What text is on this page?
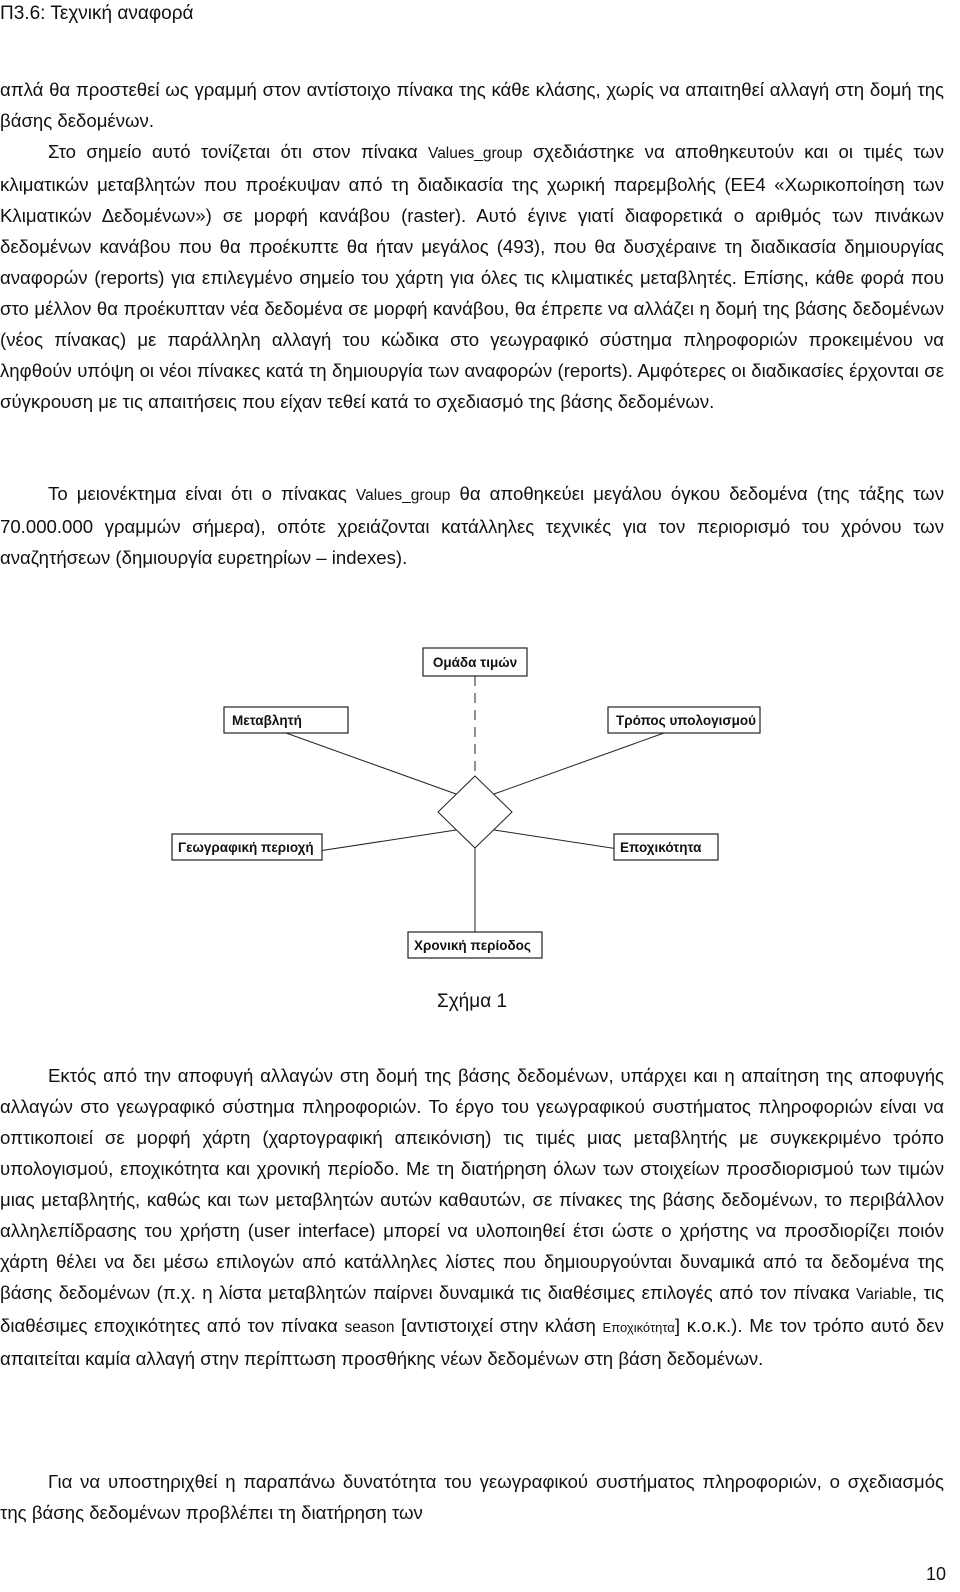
Π3.6: Τεχνική αναφορά

απλά θα προστεθεί ως γραμμή στον αντίστοιχο πίνακα της κάθε κλάσης, χωρίς να απαιτηθεί αλλαγή στη δομή της βάσης δεδομένων.

Στο σημείο αυτό τονίζεται ότι στον πίνακα Values_group σχεδιάστηκε να αποθηκευτούν και οι τιμές των κλιματικών μεταβλητών που προέκυψαν από τη διαδικασία της χωρική παρεμβολής (ΕΕ4 «Χωρικοποίηση των Κλιματικών Δεδομένων») σε μορφή κανάβου (raster). Αυτό έγινε γιατί διαφορετικά ο αριθμός των πινάκων δεδομένων κανάβου που θα προέκυπτε θα ήταν μεγάλος (493), που θα δυσχέραινε τη διαδικασία δημιουργίας αναφορών (reports) για επιλεγμένο σημείο του χάρτη για όλες τις κλιματικές μεταβλητές. Επίσης, κάθε φορά που στο μέλλον θα προέκυπταν νέα δεδομένα σε μορφή κανάβου, θα έπρεπε να αλλάζει η δομή της βάσης δεδομένων (νέος πίνακας) με παράλληλη αλλαγή του κώδικα στο γεωγραφικό σύστημα πληροφοριών προκειμένου να ληφθούν υπόψη οι νέοι πίνακες κατά τη δημιουργία των αναφορών (reports). Αμφότερες οι διαδικασίες έρχονται σε σύγκρουση με τις απαιτήσεις που είχαν τεθεί κατά το σχεδιασμό της βάσης δεδομένων.

Το μειονέκτημα είναι ότι ο πίνακας Values_group θα αποθηκεύει μεγάλου όγκου δεδομένα (της τάξης των 70.000.000 γραμμών σήμερα), οπότε χρειάζονται κατάλληλες τεχνικές για τον περιορισμό του χρόνου των αναζητήσεων (δημιουργία ευρετηρίων – indexes).

Ομάδα τιμών
Μεταβλητή	Τρόπος υπολογισμού
Γεωγραφική περιοχή	Εποχικότητα
Χρονική περίοδος
Σχήμα 1

Εκτός από την αποφυγή αλλαγών στη δομή της βάσης δεδομένων, υπάρχει και η απαίτηση της αποφυγής αλλαγών στο γεωγραφικό σύστημα πληροφοριών. Το έργο του γεωγραφικού συστήματος πληροφοριών είναι να οπτικοποιεί σε μορφή χάρτη (χαρτογραφική απεικόνιση) τις τιμές μιας μεταβλητής με συγκεκριμένο τρόπο υπολογισμού, εποχικότητα και χρονική περίοδο. Με τη διατήρηση όλων των στοιχείων προσδιορισμού των τιμών μιας μεταβλητής, καθώς και των μεταβλητών αυτών καθαυτών, σε πίνακες της βάσης δεδομένων, το περιβάλλον αλληλεπίδρασης του χρήστη (user interface) μπορεί να υλοποιηθεί έτσι ώστε ο χρήστης να προσδιορίζει ποιόν χάρτη θέλει να δει μέσω επιλογών από κατάλληλες λίστες που δημιουργούνται δυναμικά από τα δεδομένα της βάσης δεδομένων (π.χ. η λίστα μεταβλητών παίρνει δυναμικά τις διαθέσιμες επιλογές από τον πίνακα Variable, τις διαθέσιμες εποχικότητες από τον πίνακα season [αντιστοιχεί στην κλάση Εποχικότητα] κ.ο.κ.). Με τον τρόπο αυτό δεν απαιτείται καμία αλλαγή στην περίπτωση προσθήκης νέων δεδομένων στη βάση δεδομένων.

Για να υποστηριχθεί η παραπάνω δυνατότητα του γεωγραφικού συστήματος πληροφοριών, ο σχεδιασμός της βάσης δεδομένων προβλέπει τη διατήρηση των

10
